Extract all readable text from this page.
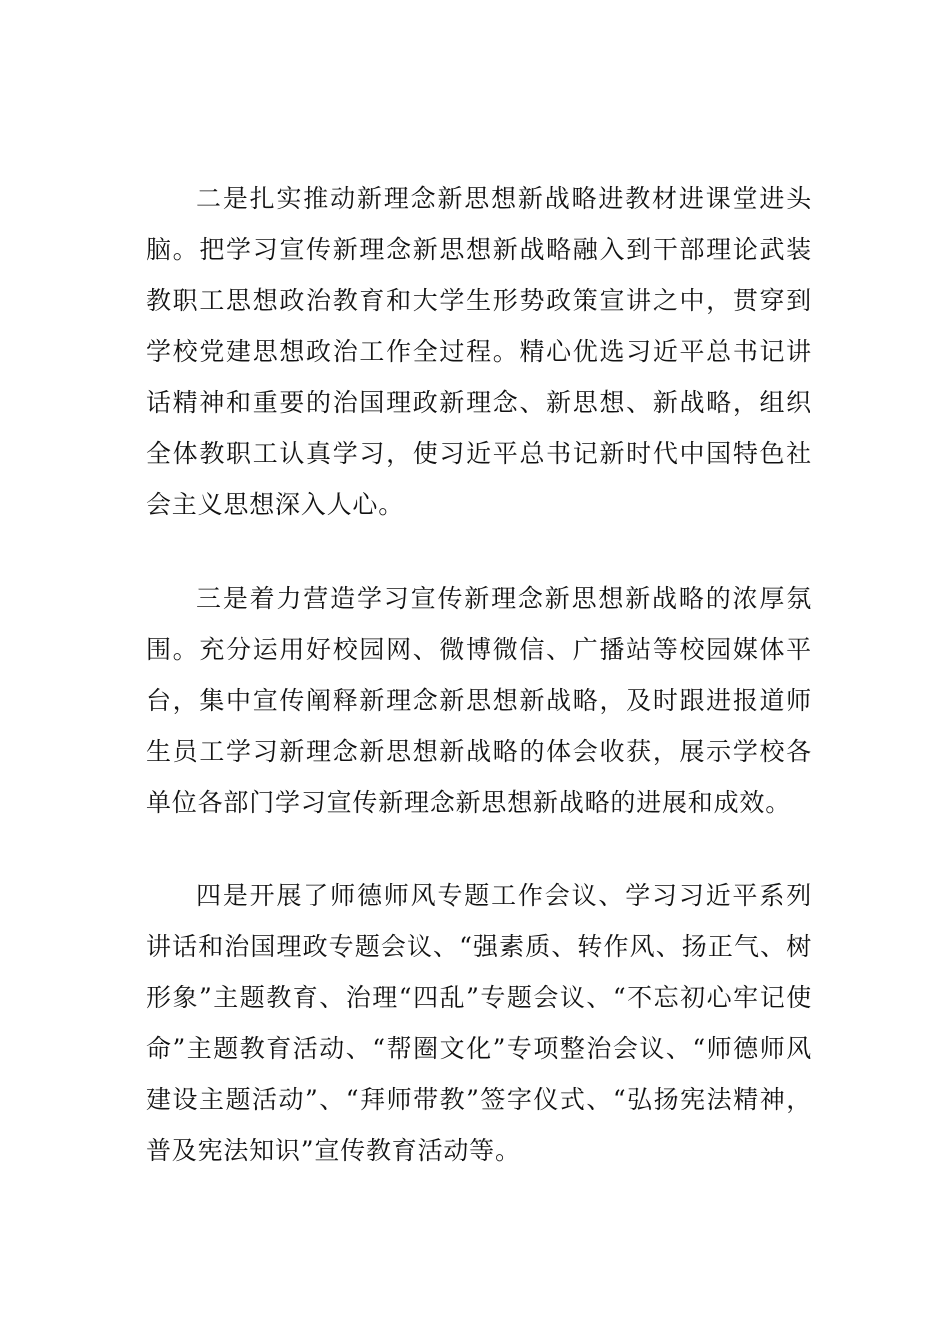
二是扎实推动新理念新思想新战略进教材进课堂进头脑。把学习宣传新理念新思想新战略融入到干部理论武装教职工思想政治教育和大学生形势政策宣讲之中，贯穿到学校党建思想政治工作全过程。精心优选习近平总书记讲话精神和重要的治国理政新理念、新思想、新战略，组织全体教职工认真学习，使习近平总书记新时代中国特色社会主义思想深入人心。

三是着力营造学习宣传新理念新思想新战略的浓厚氛围。充分运用好校园网、微博微信、广播站等校园媒体平台，集中宣传阐释新理念新思想新战略，及时跟进报道师生员工学习新理念新思想新战略的体会收获，展示学校各单位各部门学习宣传新理念新思想新战略的进展和成效。

四是开展了师德师风专题工作会议、学习习近平系列讲话和治国理政专题会议、“强素质、转作风、扬正气、树形象”主题教育、治理“四乱”专题会议、“不忘初心牢记使命”主题教育活动、“帮圈文化”专项整治会议、“师德师风建设主题活动”、“拜师带教”签字仪式、“弘扬宪法精神，普及宪法知识”宣传教育活动等。
